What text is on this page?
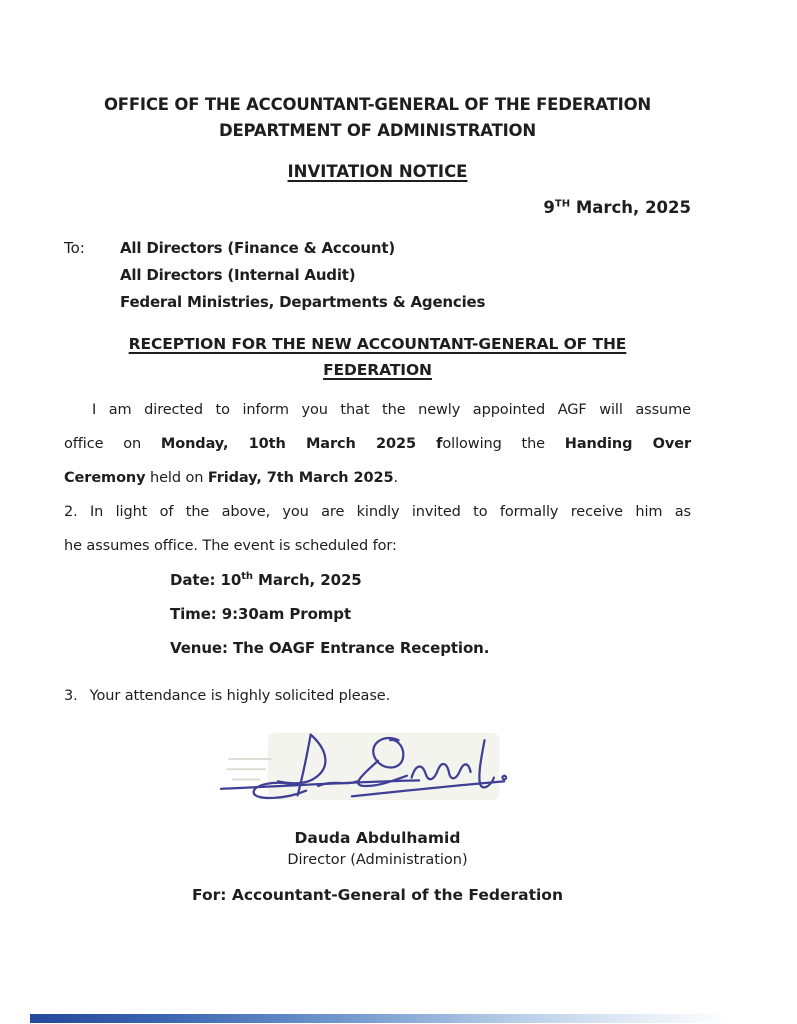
OFFICE OF THE ACCOUNTANT-GENERAL OF THE FEDERATION
DEPARTMENT OF ADMINISTRATION
INVITATION NOTICE
9TH March, 2025
To:	All Directors (Finance & Account)
All Directors (Internal Audit)
Federal Ministries, Departments & Agencies
RECEPTION FOR THE NEW ACCOUNTANT-GENERAL OF THE
FEDERATION
I am directed to inform you that the newly appointed AGF will assume
office on Monday, 10th March 2025 following the Handing Over
Ceremony held on Friday, 7th March 2025.
2. In light of the above, you are kindly invited to formally receive him as
he assumes office. The event is scheduled for:
Date: 10th March, 2025
Time: 9:30am Prompt
Venue: The OAGF Entrance Reception.
3. Your attendance is highly solicited please.
Dauda Abdulhamid
Director (Administration)
For: Accountant-General of the Federation
